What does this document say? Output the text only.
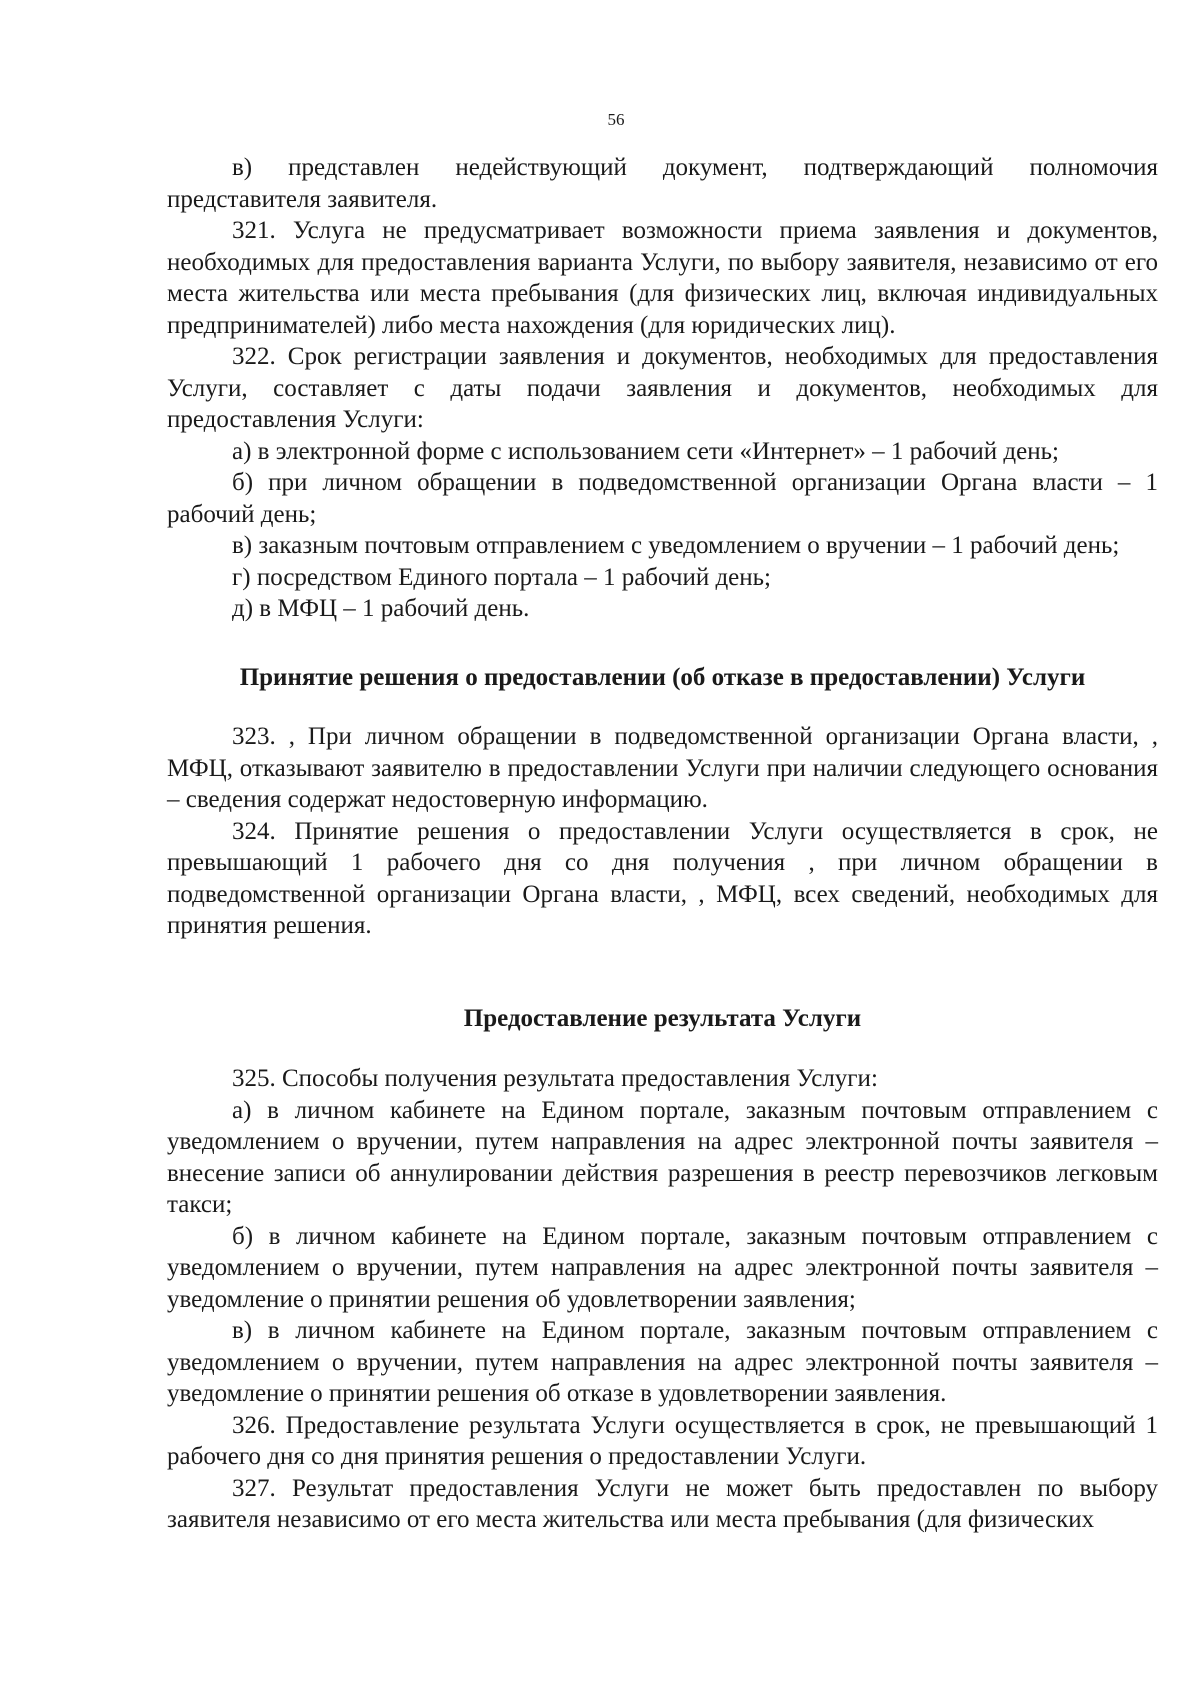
56

в) представлен недействующий документ, подтверждающий полномочия представителя заявителя.

321. Услуга не предусматривает возможности приема заявления и документов, необходимых для предоставления варианта Услуги, по выбору заявителя, независимо от его места жительства или места пребывания (для физических лиц, включая индивидуальных предпринимателей) либо места нахождения (для юридических лиц).

322. Срок регистрации заявления и документов, необходимых для предоставления Услуги, составляет с даты подачи заявления и документов, необходимых для предоставления Услуги:

а) в электронной форме с использованием сети «Интернет» – 1 рабочий день;

б) при личном обращении в подведомственной организации Органа власти – 1 рабочий день;

в) заказным почтовым отправлением с уведомлением о вручении – 1 рабочий день;

г) посредством Единого портала – 1 рабочий день;

д) в МФЦ – 1 рабочий день.

Принятие решения о предоставлении (об отказе в предоставлении) Услуги

323. , При личном обращении в подведомственной организации Органа власти, , МФЦ, отказывают заявителю в предоставлении Услуги при наличии следующего основания – сведения содержат недостоверную информацию.

324. Принятие решения о предоставлении Услуги осуществляется в срок, не превышающий 1 рабочего дня со дня получения , при личном обращении в подведомственной организации Органа власти, , МФЦ, всех сведений, необходимых для принятия решения.

Предоставление результата Услуги

325. Способы получения результата предоставления Услуги:

а) в личном кабинете на Едином портале, заказным почтовым отправлением с уведомлением о вручении, путем направления на адрес электронной почты заявителя – внесение записи об аннулировании действия разрешения в реестр перевозчиков легковым такси;

б) в личном кабинете на Едином портале, заказным почтовым отправлением с уведомлением о вручении, путем направления на адрес электронной почты заявителя – уведомление о принятии решения об удовлетворении заявления;

в) в личном кабинете на Едином портале, заказным почтовым отправлением с уведомлением о вручении, путем направления на адрес электронной почты заявителя – уведомление о принятии решения об отказе в удовлетворении заявления.

326. Предоставление результата Услуги осуществляется в срок, не превышающий 1 рабочего дня со дня принятия решения о предоставлении Услуги.

327. Результат предоставления Услуги не может быть предоставлен по выбору заявителя независимо от его места жительства или места пребывания (для физических
